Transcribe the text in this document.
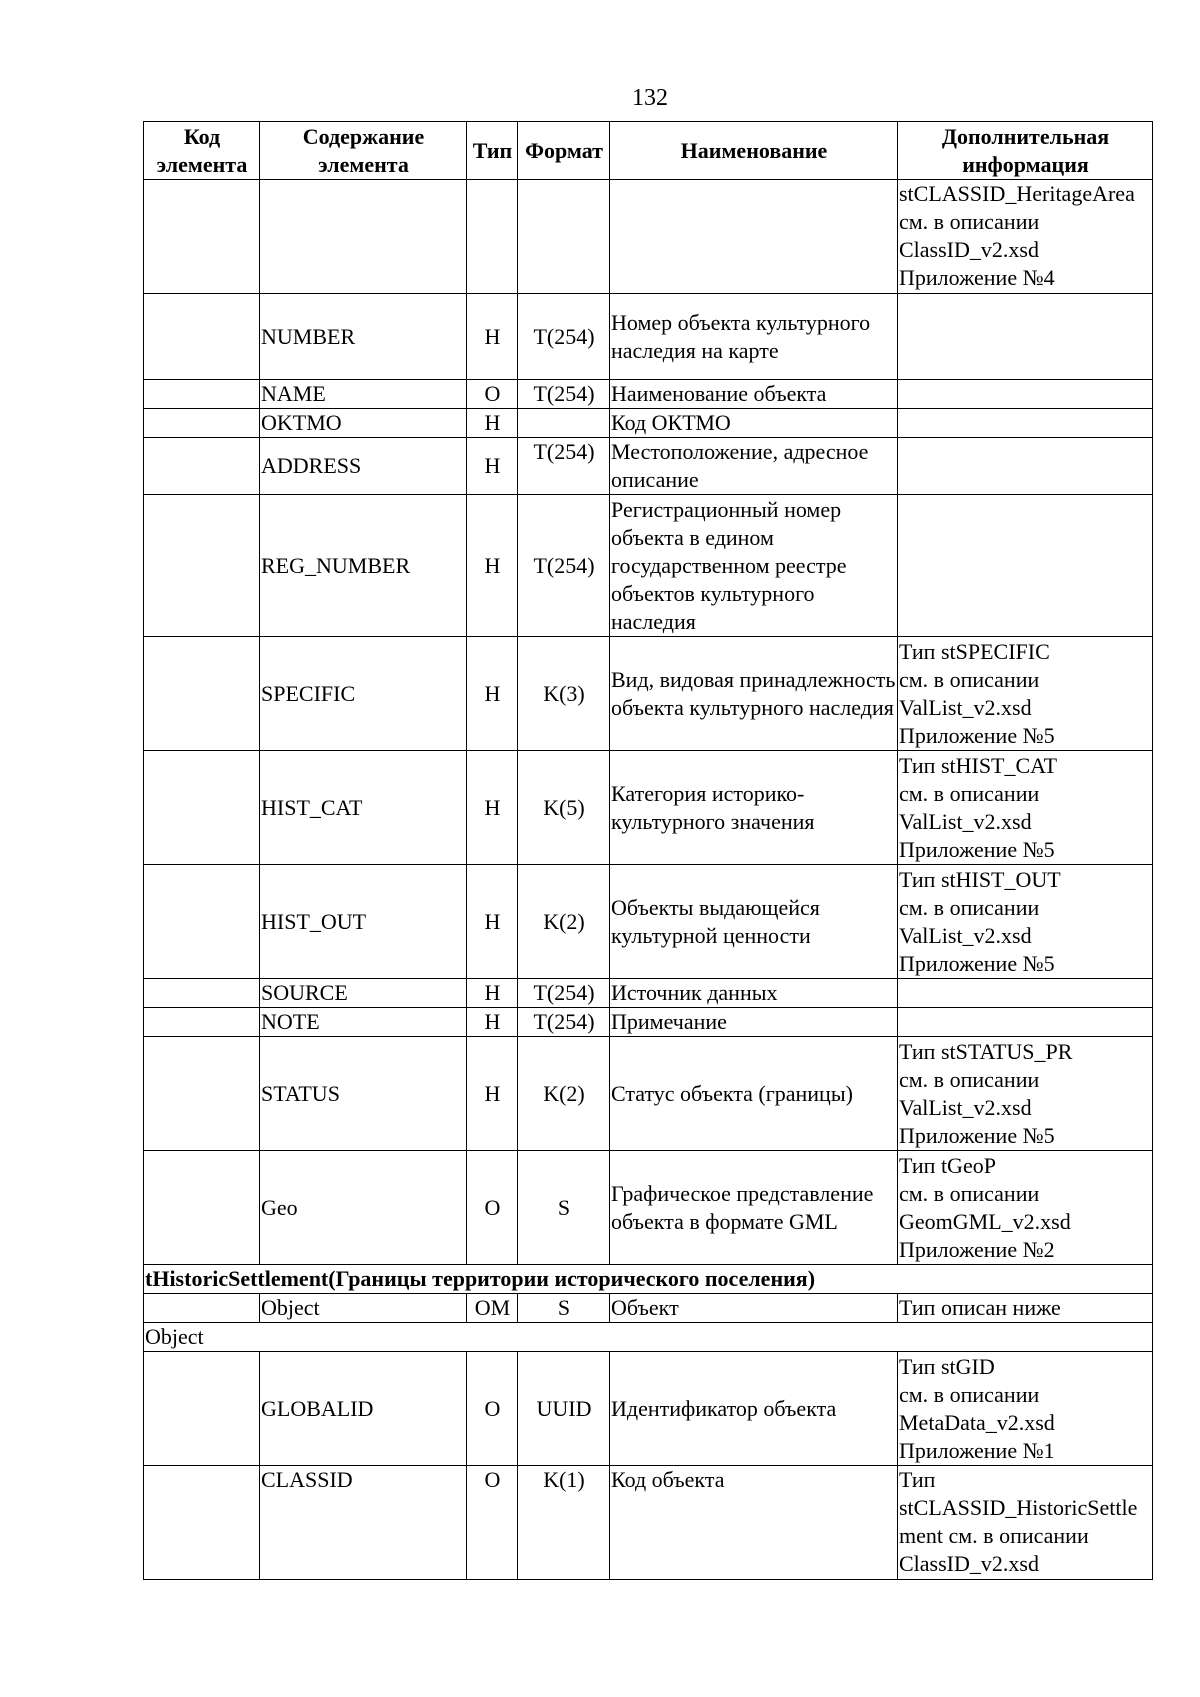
132
Код элемента	Содержание элемента	Тип	Формат	Наименование	Дополнительная информация
					stCLASSID_HeritageArea см. в описании ClassID_v2.xsd Приложение №4
	NUMBER	Н	T(254)	Номер объекта культурного наследия на карте	
	NAME	О	T(254)	Наименование объекта	
	OKTMO	Н		Код ОКТМО	
	ADDRESS	Н	T(254)	Местоположение, адресное описание	
	REG_NUMBER	Н	T(254)	Регистрационный номер объекта в едином государственном реестре объектов культурного наследия	
	SPECIFIC	Н	K(3)	Вид, видовая принадлежность объекта культурного наследия	Тип stSPECIFIC
см. в описании
ValList_v2.xsd
Приложение №5
	HIST_CAT	Н	K(5)	Категория историко-культурного значения	Тип stHIST_CAT
см. в описании
ValList_v2.xsd
Приложение №5
	HIST_OUT	Н	K(2)	Объекты выдающейся культурной ценности	Тип stHIST_OUT
см. в описании
ValList_v2.xsd
Приложение №5
	SOURCE	Н	T(254)	Источник данных	
	NOTE	Н	T(254)	Примечание	
	STATUS	Н	K(2)	Статус объекта (границы)	Тип stSTATUS_PR
см. в описании
ValList_v2.xsd
Приложение №5
	Geo	О	S	Графическое представление объекта в формате GML	Тип tGeoP
см. в описании
GeomGML_v2.xsd
Приложение №2
tHistoricSettlement(Границы территории исторического поселения)					
	Object	ОМ	S	Объект	Тип описан ниже
Object					
	GLOBALID	О	UUID	Идентификатор объекта	Тип stGID
см. в описании
MetaData_v2.xsd
Приложение №1
	CLASSID	О	K(1)	Код объекта	Тип stCLASSID_HistoricSettlement см. в описании ClassID_v2.xsd
